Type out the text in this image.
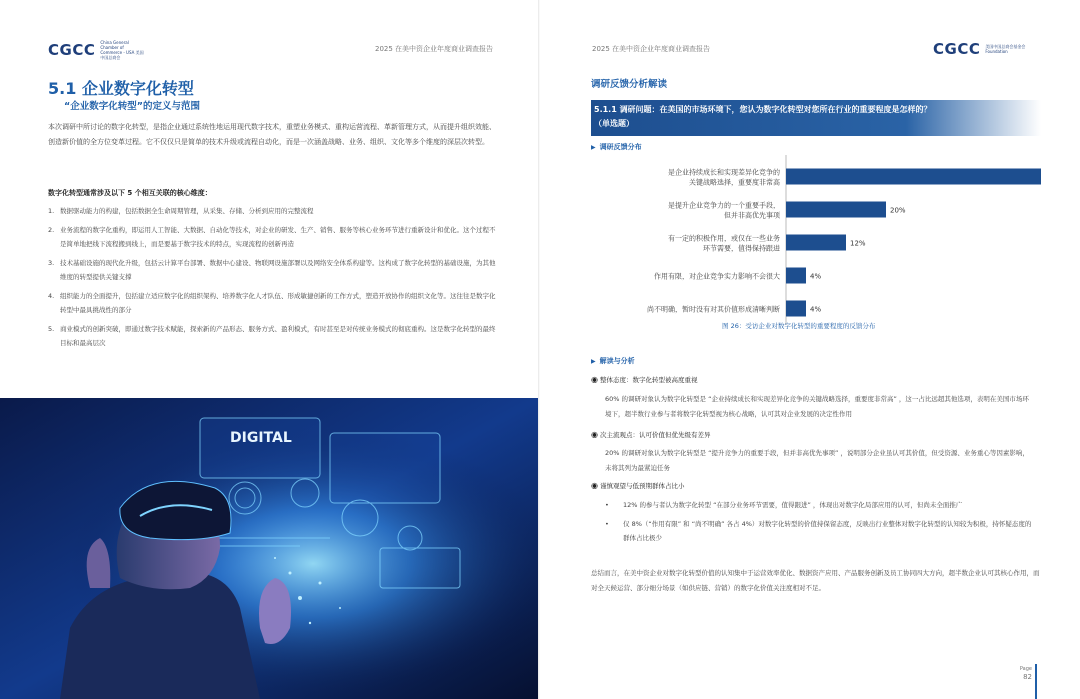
CGCC China General Chamber of Commerce - USA 美国中国总商会
2025 在美中资企业年度商业调查报告
5.1 企业数字化转型
“企业数字化转型”的定义与范围
本次调研中所讨论的数字化转型，是指企业通过系统性地运用现代数字技术，重塑业务模式、重构运营流程、革新管理方式，从而提升组织效能、创造新价值的全方位变革过程。它不仅仅只是简单的技术升级或流程自动化，而是一次涵盖战略、业务、组织、文化等多个维度的深层次转型。
数字化转型通常涉及以下 5 个相互关联的核心维度：
1. 数据驱动能力的构建，包括数据全生命周期管理，从采集、存储、分析到应用的完整流程
2. 业务流程的数字化重构，即运用人工智能、大数据、自动化等技术，对企业的研发、生产、销售、服务等核心业务环节进行重新设计和优化。这个过程不是简单地把线下流程搬到线上，而是要基于数字技术的特点，实现流程的创新再造
3. 技术基础设施的现代化升级，包括云计算平台部署、数据中心建设、物联网设施部署以及网络安全体系构建等。这构成了数字化转型的基础设施，为其他维度的转型提供关键支撑
4. 组织能力的全面提升，包括建立适应数字化的组织架构、培养数字化人才队伍、形成敏捷创新的工作方式，塑造开放协作的组织文化等。这往往是数字化转型中最具挑战性的部分
5. 商业模式的创新突破，即通过数字技术赋能，探索新的产品形态、服务方式、盈利模式，有时甚至是对传统业务模式的彻底重构。这是数字化转型的最终目标和最高层次
DIGITAL
2025 在美中资企业年度商业调查报告	CGCC 美国中国总商会基金会 Foundation
调研反馈分析解读
5.1.1 调研问题：在美国的市场环境下，您认为数字化转型对您所在行业的重要程度是怎样的？（单选题）
▶ 调研反馈分布
是企业持续成长和实现差异化竞争的
关键战略选择，重要度非常高
是提升企业竞争力的一个重要手段，
但并非高优先事项
20%
有一定的积极作用，或仅在一些业务
环节需要，值得保持跟进
12%
作用有限，对企业竞争实力影响不会很大	4%
尚不明确，暂时没有对其价值形成清晰判断	4%
图 26：受访企业对数字化转型的重要程度的反馈分布
▶ 解读与分析
◉ 整体态度：数字化转型被高度重视
60% 的调研对象认为数字化转型是 “企业持续成长和实现差异化竞争的关键战略选择，重要度非常高” ，这一占比远超其他选项，表明在美国市场环境下，超半数行业参与者将数字化转型视为核心战略，认可其对企业发展的决定性作用
◉ 次主流观点：认可价值但优先级有差异
20% 的调研对象认为数字化转型是 “提升竞争力的重要手段，但并非高优先事项” ，说明部分企业虽认可其价值，但受资源、业务重心等因素影响，未将其列为最紧迫任务
◉ 谨慎观望与低预期群体占比小
•	12% 的参与者认为数字化转型 “在部分业务环节需要，值得跟进” ，体现出对数字化局部应用的认可，但尚未全面推广
•	仅 8%（“作用有限” 和 “尚不明确” 各占 4%）对数字化转型的价值持保留态度，反映出行业整体对数字化转型的认知较为积极，持怀疑态度的群体占比极少
总结而言，在美中资企业对数字化转型价值的认知集中于运营效率优化、数据资产应用、产品服务创新及员工协同四大方向，超半数企业认可其核心作用，而对全天候运营、部分细分场景（如供应链、营销）的数字化价值关注度相对不足。
Page
82
